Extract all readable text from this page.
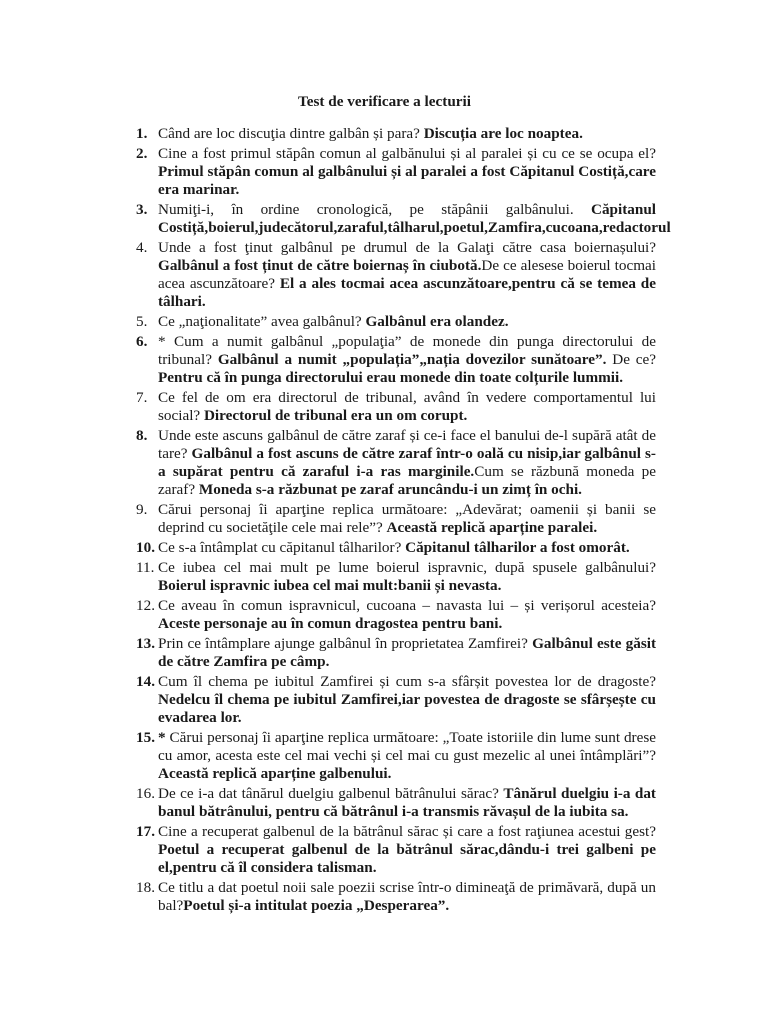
Test de verificare a lecturii
1. Când are loc discuţia dintre galbân și para? Discuția are loc noaptea.
2. Cine a fost primul stăpân comun al galbănului și al paralei și cu ce se ocupa el? Primul stăpân comun al galbânului și al paralei a fost Căpitanul Costiță,care era marinar.
3. Numiţi-i, în ordine cronologică, pe stăpânii galbânului. Căpitanul Costiță,boierul,judecătorul,zaraful,tâlharul,poetul,Zamfira,cucoana,redactorul
4. Unde a fost ţinut galbânul pe drumul de la Galaţi către casa boiernașului? Galbânul a fost ținut de către boiernaș în ciubotă.De ce alesese boierul tocmai acea ascunzătoare? El a ales tocmai acea ascunzătoare,pentru că se temea de tâlhari.
5. Ce „naţionalitate” avea galbânul? Galbânul era olandez.
6. * Cum a numit galbânul „populaţia” de monede din punga directorului de tribunal? Galbânul a numit „populația”„nația dovezilor sunătoare”. De ce? Pentru că în punga directorului erau monede din toate colțurile lummii.
7. Ce fel de om era directorul de tribunal, având în vedere comportamentul lui social? Directorul de tribunal era un om corupt.
8. Unde este ascuns galbânul de către zaraf și ce-i face el banului de-l supără atât de tare? Galbânul a fost ascuns de către zaraf într-o oală cu nisip,iar galbânul s-a supărat pentru că zaraful i-a ras marginile.Cum se răzbună moneda pe zaraf? Moneda s-a răzbunat pe zaraf aruncându-i un zimț în ochi.
9. Cărui personaj îi aparţine replica următoare: „Adevărat; oamenii și banii se deprind cu societăţile cele mai rele”? Această replică aparține paralei.
10. Ce s-a întâmplat cu căpitanul tâlharilor? Căpitanul tâlharilor a fost omorât.
11. Ce iubea cel mai mult pe lume boierul ispravnic, după spusele galbânului? Boierul ispravnic iubea cel mai mult:banii și nevasta.
12. Ce aveau în comun ispravnicul, cucoana – navasta lui – și verișorul acesteia? Aceste personaje au în comun dragostea pentru bani.
13. Prin ce întâmplare ajunge galbânul în proprietatea Zamfirei? Galbânul este găsit de către Zamfira pe câmp.
14. Cum îl chema pe iubitul Zamfirei și cum s-a sfârșit povestea lor de dragoste? Nedelcu îl chema pe iubitul Zamfirei,iar povestea de dragoste se sfârșește cu evadarea lor.
15. * Cărui personaj îi aparţine replica următoare: „Toate istoriile din lume sunt drese cu amor, acesta este cel mai vechi și cel mai cu gust mezelic al unei întâmplări”? Această replică aparține galbenului.
16. De ce i-a dat tânărul duelgiu galbenul bătrânului sărac? Tânărul duelgiu i-a dat banul bătrânului, pentru că bătrânul i-a transmis răvașul de la iubita sa.
17. Cine a recuperat galbenul de la bătrânul sărac și care a fost raţiunea acestui gest? Poetul a recuperat galbenul de la bătrânul sărac,dându-i trei galbeni pe el,pentru că îl considera talisman.
18. Ce titlu a dat poetul noii sale poezii scrise într-o dimineaţă de primăvară, după un bal?Poetul și-a intitulat poezia „Desperarea”.
